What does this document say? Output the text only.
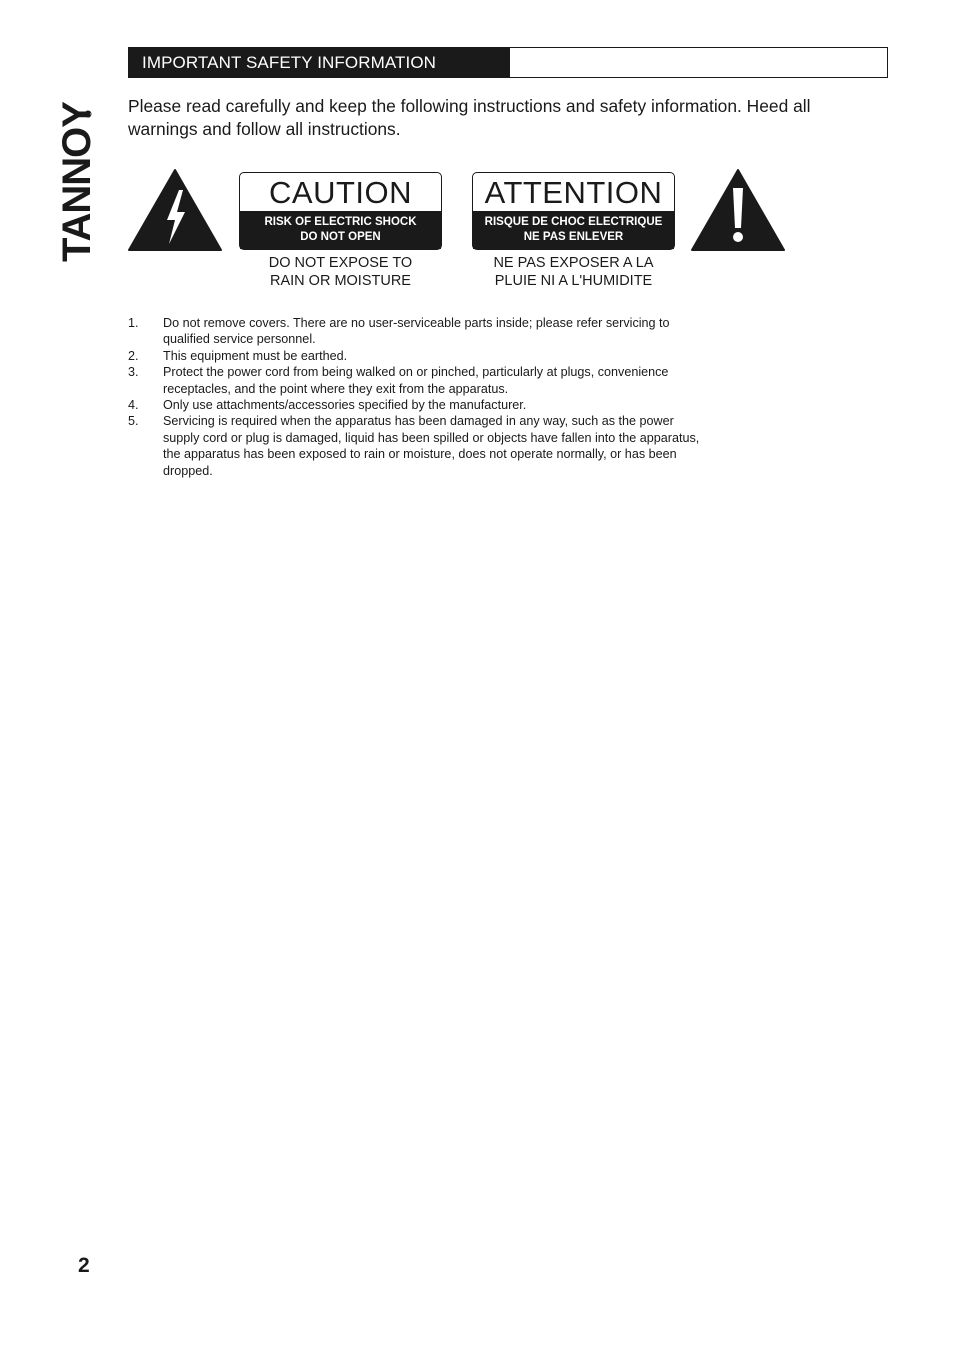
TANNOY
IMPORTANT SAFETY INFORMATION

Please read carefully and keep the following instructions and safety information. Heed all warnings and follow all instructions.

CAUTION
RISK OF ELECTRIC SHOCK
DO NOT OPEN
DO NOT EXPOSE TO
RAIN OR MOISTURE
ATTENTION
RISQUE DE CHOC ELECTRIQUE
NE PAS ENLEVER
NE PAS EXPOSER A LA
PLUIE NI A L'HUMIDITE
1. Do not remove covers. There are no user-serviceable parts inside; please refer servicing to qualified service personnel.
2. This equipment must be earthed.
3. Protect the power cord from being walked on or pinched, particularly at plugs, convenience receptacles, and the point where they exit from the apparatus.
4. Only use attachments/accessories specified by the manufacturer.
5. Servicing is required when the apparatus has been damaged in any way, such as the power supply cord or plug is damaged, liquid has been spilled or objects have fallen into the apparatus, the apparatus has been exposed to rain or moisture, does not operate normally, or has been dropped.
2
